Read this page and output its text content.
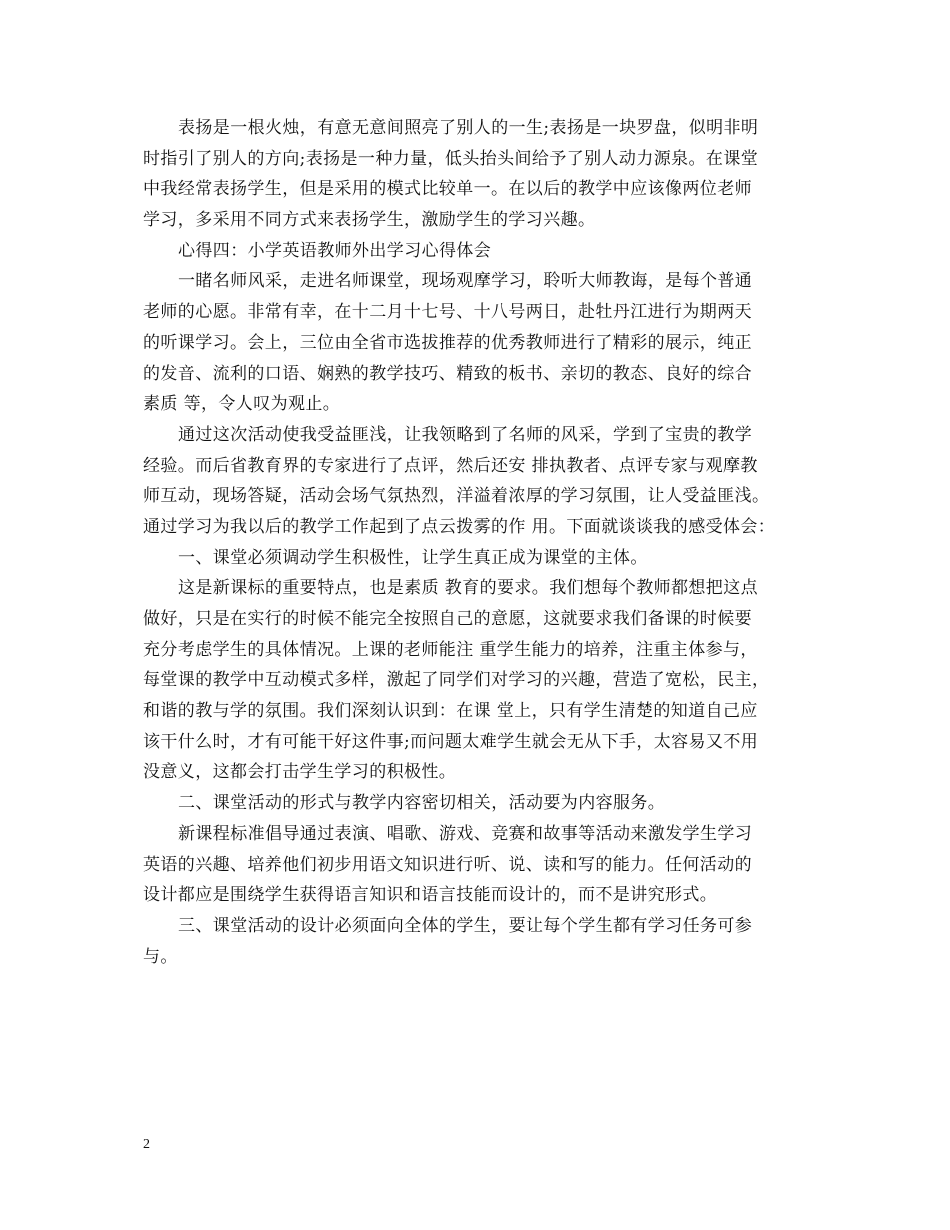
表扬是一根火烛，有意无意间照亮了别人的一生;表扬是一块罗盘，似明非明
时指引了别人的方向;表扬是一种力量，低头抬头间给予了别人动力源泉。在课堂
中我经常表扬学生，但是采用的模式比较单一。在以后的教学中应该像两位老师
学习，多采用不同方式来表扬学生，激励学生的学习兴趣。
心得四：小学英语教师外出学习心得体会
一睹名师风采，走进名师课堂，现场观摩学习，聆听大师教诲，是每个普通
老师的心愿。非常有幸，在十二月十七号、十八号两日，赴牡丹江进行为期两天
的听课学习。会上，三位由全省市选拔推荐的优秀教师进行了精彩的展示，纯正
的发音、流利的口语、娴熟的教学技巧、精致的板书、亲切的教态、良好的综合
素质 等，令人叹为观止。
通过这次活动使我受益匪浅，让我领略到了名师的风采，学到了宝贵的教学
经验。而后省教育界的专家进行了点评，然后还安 排执教者、点评专家与观摩教
师互动，现场答疑，活动会场气氛热烈，洋溢着浓厚的学习氛围，让人受益匪浅。
通过学习为我以后的教学工作起到了点云拨雾的作 用。下面就谈谈我的感受体会：
一、课堂必须调动学生积极性，让学生真正成为课堂的主体。
这是新课标的重要特点，也是素质 教育的要求。我们想每个教师都想把这点
做好，只是在实行的时候不能完全按照自己的意愿，这就要求我们备课的时候要
充分考虑学生的具体情况。上课的老师能注 重学生能力的培养，注重主体参与，
每堂课的教学中互动模式多样，激起了同学们对学习的兴趣，营造了宽松，民主，
和谐的教与学的氛围。我们深刻认识到：在课 堂上，只有学生清楚的知道自己应
该干什么时，才有可能干好这件事;而问题太难学生就会无从下手，太容易又不用
没意义，这都会打击学生学习的积极性。
二、课堂活动的形式与教学内容密切相关，活动要为内容服务。
新课程标准倡导通过表演、唱歌、游戏、竞赛和故事等活动来激发学生学习
英语的兴趣、培养他们初步用语文知识进行听、说、读和写的能力。任何活动的
设计都应是围绕学生获得语言知识和语言技能而设计的，而不是讲究形式。
三、课堂活动的设计必须面向全体的学生，要让每个学生都有学习任务可参
与。
2
